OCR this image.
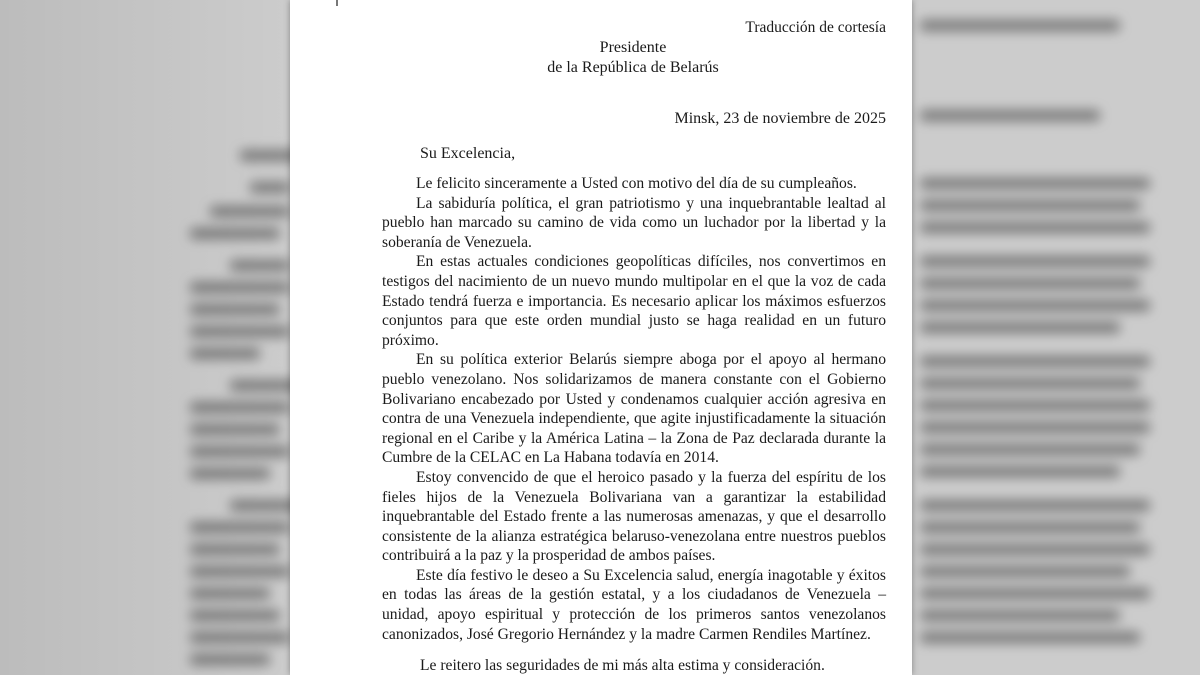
Traducción de cortesía
Presidente
de la República de Belarús
Minsk, 23 de noviembre de 2025
Su Excelencia,

Le felicito sinceramente a Usted con motivo del día de su cumpleaños.

La sabiduría política, el gran patriotismo y una inquebrantable lealtad al pueblo han marcado su camino de vida como un luchador por la libertad y la soberanía de Venezuela.

En estas actuales condiciones geopolíticas difíciles, nos convertimos en testigos del nacimiento de un nuevo mundo multipolar en el que la voz de cada Estado tendrá fuerza e importancia. Es necesario aplicar los máximos esfuerzos conjuntos para que este orden mundial justo se haga realidad en un futuro próximo.

En su política exterior Belarús siempre aboga por el apoyo al hermano pueblo venezolano. Nos solidarizamos de manera constante con el Gobierno Bolivariano encabezado por Usted y condenamos cualquier acción agresiva en contra de una Venezuela independiente, que agite injustificadamente la situación regional en el Caribe y la América Latina – la Zona de Paz declarada durante la Cumbre de la CELAC en La Habana todavía en 2014.

Estoy convencido de que el heroico pasado y la fuerza del espíritu de los fieles hijos de la Venezuela Bolivariana van a garantizar la estabilidad inquebrantable del Estado frente a las numerosas amenazas, y que el desarrollo consistente de la alianza estratégica belaruso-venezolana entre nuestros pueblos contribuirá a la paz y la prosperidad de ambos países.

Este día festivo le deseo a Su Excelencia salud, energía inagotable y éxitos en todas las áreas de la gestión estatal, y a los ciudadanos de Venezuela – unidad, apoyo espiritual y protección de los primeros santos venezolanos canonizados, José Gregorio Hernández y la madre Carmen Rendiles Martínez.

Le reitero las seguridades de mi más alta estima y consideración.
